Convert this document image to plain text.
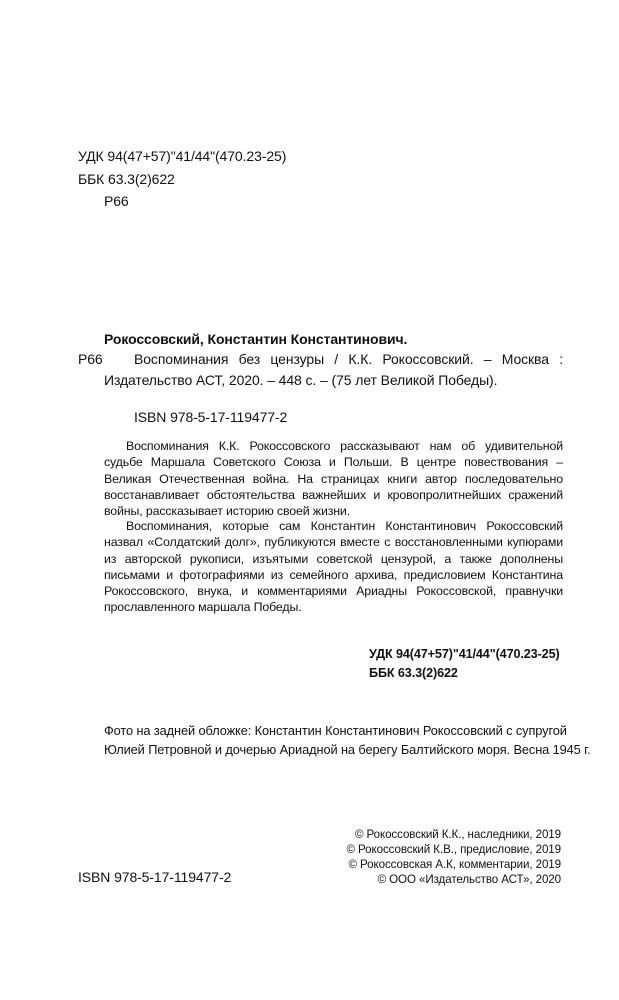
УДК 94(47+57)"41/44"(470.23-25)

ББК 63.3(2)622

Р66

Рокоссовский, Константин Константинович.

Р66 Воспоминания без цензуры / К.К. Рокоссовский. – Москва :

Издательство АСТ, 2020. – 448 с. – (75 лет Великой Победы).

ISBN 978-5-17-119477-2

Воспоминания К.К. Рокоссовского рассказывают нам об удивительной судьбе Маршала Советского Союза и Польши. В центре повествования – Великая Отечественная война. На страницах книги автор последовательно восстанавливает обстоятельства важнейших и кровопролитнейших сражений войны, рассказывает историю своей жизни.
Воспоминания, которые сам Константин Константинович Рокоссовский назвал «Солдатский долг», публикуются вместе с восстановленными купюрами из авторской рукописи, изъятыми советской цензурой, а также дополнены письмами и фотографиями из семейного архива, предисловием Константина Рокоссовского, внука, и комментариями Ариадны Рокоссовской, правнучки прославленного маршала Победы.

УДК 94(47+57)"41/44"(470.23-25)

ББК 63.3(2)622

Фото на задней обложке: Константин Константинович Рокоссовский с супругой

Юлией Петровной и дочерью Ариадной на берегу Балтийского моря. Весна 1945 г.

© Рокоссовский К.К., наследники, 2019
© Рокоссовский К.В., предисловие, 2019
© Рокоссовская А.К, комментарии, 2019
© ООО «Издательство АСТ», 2020

ISBN 978-5-17-119477-2
